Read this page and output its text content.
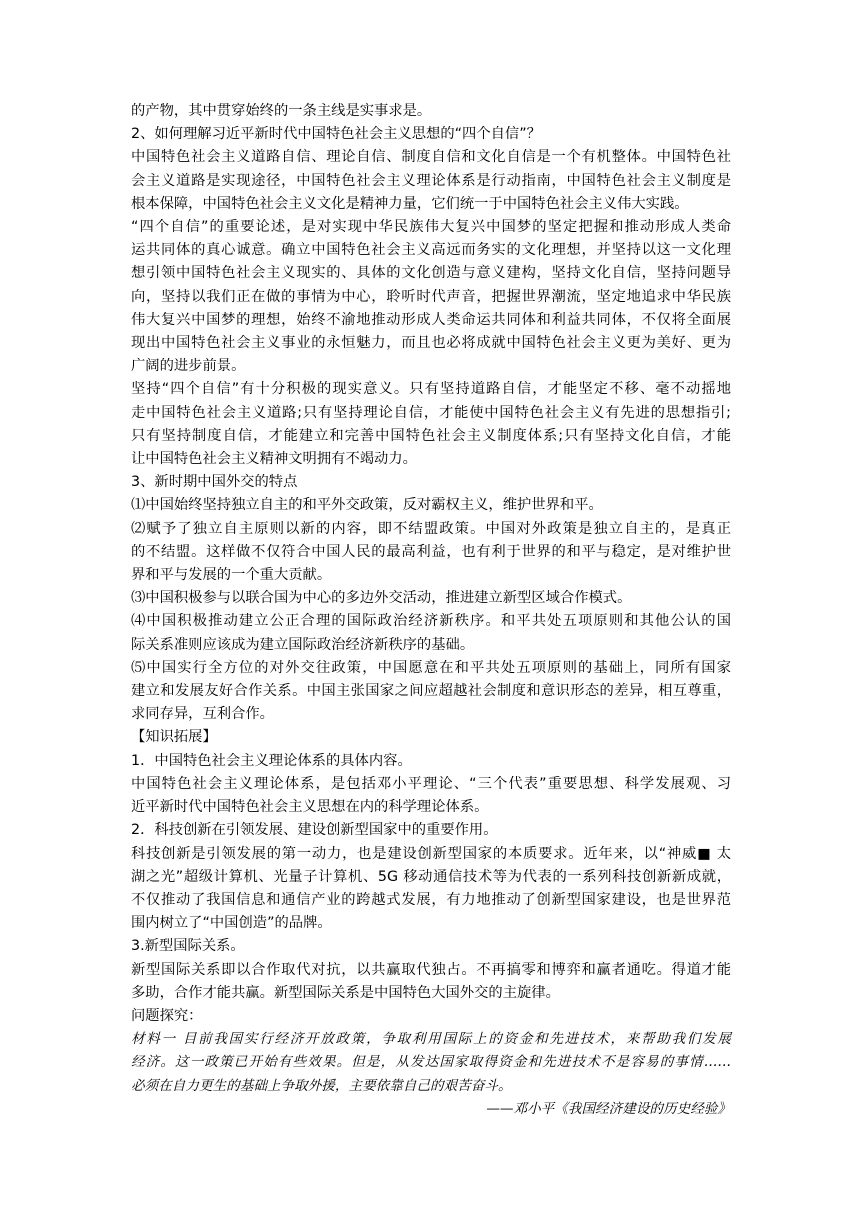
的产物，其中贯穿始终的一条主线是实事求是。
2、如何理解习近平新时代中国特色社会主义思想的“四个自信”？
中国特色社会主义道路自信、理论自信、制度自信和文化自信是一个有机整体。中国特色社
会主义道路是实现途径，中国特色社会主义理论体系是行动指南，中国特色社会主义制度是
根本保障，中国特色社会主义文化是精神力量，它们统一于中国特色社会主义伟大实践。
“四个自信”的重要论述，是对实现中华民族伟大复兴中国梦的坚定把握和推动形成人类命
运共同体的真心诚意。确立中国特色社会主义高远而务实的文化理想，并坚持以这一文化理
想引领中国特色社会主义现实的、具体的文化创造与意义建构，坚持文化自信，坚持问题导
向，坚持以我们正在做的事情为中心，聆听时代声音，把握世界潮流，坚定地追求中华民族
伟大复兴中国梦的理想，始终不渝地推动形成人类命运共同体和利益共同体，不仅将全面展
现出中国特色社会主义事业的永恒魅力，而且也必将成就中国特色社会主义更为美好、更为
广阔的进步前景。
坚持“四个自信”有十分积极的现实意义。只有坚持道路自信，才能坚定不移、毫不动摇地
走中国特色社会主义道路;只有坚持理论自信，才能使中国特色社会主义有先进的思想指引;
只有坚持制度自信，才能建立和完善中国特色社会主义制度体系;只有坚持文化自信，才能
让中国特色社会主义精神文明拥有不竭动力。
3、新时期中国外交的特点
⑴中国始终坚持独立自主的和平外交政策，反对霸权主义，维护世界和平。
⑵赋予了独立自主原则以新的内容，即不结盟政策。中国对外政策是独立自主的，是真正
的不结盟。这样做不仅符合中国人民的最高利益，也有利于世界的和平与稳定，是对维护世
界和平与发展的一个重大贡献。
⑶中国积极参与以联合国为中心的多边外交活动，推进建立新型区域合作模式。
⑷中国积极推动建立公正合理的国际政治经济新秩序。和平共处五项原则和其他公认的国
际关系准则应该成为建立国际政治经济新秩序的基础。
⑸中国实行全方位的对外交往政策，中国愿意在和平共处五项原则的基础上，同所有国家
建立和发展友好合作关系。中国主张国家之间应超越社会制度和意识形态的差异，相互尊重，
求同存异，互利合作。
【知识拓展】
1．中国特色社会主义理论体系的具体内容。
中国特色社会主义理论体系，是包括邓小平理论、“三个代表”重要思想、科学发展观、习
近平新时代中国特色社会主义思想在内的科学理论体系。
2．科技创新在引领发展、建设创新型国家中的重要作用。
科技创新是引领发展的第一动力，也是建设创新型国家的本质要求。近年来，以“神威■ 太
湖之光”超级计算机、光量子计算机、5G 移动通信技术等为代表的一系列科技创新新成就，
不仅推动了我国信息和通信产业的跨越式发展，有力地推动了创新型国家建设，也是世界范
围内树立了“中国创造”的品牌。
3.新型国际关系。
新型国际关系即以合作取代对抗，以共赢取代独占。不再搞零和博弈和赢者通吃。得道才能
多助，合作才能共赢。新型国际关系是中国特色大国外交的主旋律。
问题探究：
材料一 目前我国实行经济开放政策，争取利用国际上的资金和先进技术，来帮助我们发展
经济。这一政策已开始有些效果。但是，从发达国家取得资金和先进技术不是容易的事情……
必须在自力更生的基础上争取外援，主要依靠自己的艰苦奋斗。
——邓小平《我国经济建设的历史经验》
